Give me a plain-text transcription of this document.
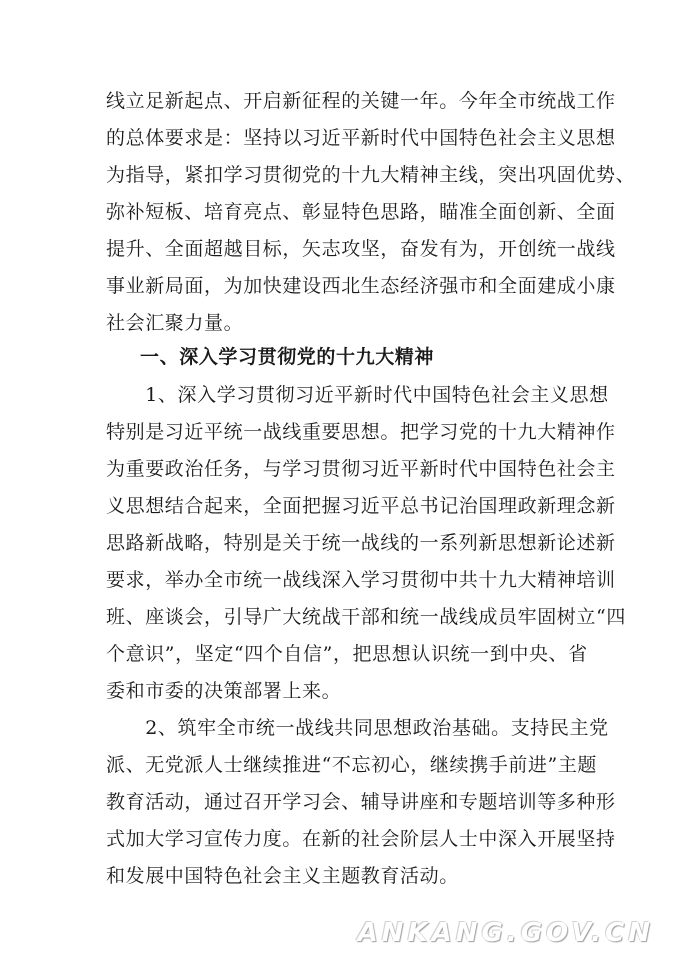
线立足新起点、开启新征程的关键一年。今年全市统战工作
的总体要求是：坚持以习近平新时代中国特色社会主义思想
为指导，紧扣学习贯彻党的十九大精神主线，突出巩固优势、
弥补短板、培育亮点、彰显特色思路，瞄准全面创新、全面
提升、全面超越目标，矢志攻坚，奋发有为，开创统一战线
事业新局面，为加快建设西北生态经济强市和全面建成小康
社会汇聚力量。
一、深入学习贯彻党的十九大精神
　　1、深入学习贯彻习近平新时代中国特色社会主义思想
特别是习近平统一战线重要思想。把学习党的十九大精神作
为重要政治任务，与学习贯彻习近平新时代中国特色社会主
义思想结合起来，全面把握习近平总书记治国理政新理念新
思路新战略，特别是关于统一战线的一系列新思想新论述新
要求，举办全市统一战线深入学习贯彻中共十九大精神培训
班、座谈会，引导广大统战干部和统一战线成员牢固树立“四
个意识”，坚定“四个自信”，把思想认识统一到中央、省
委和市委的决策部署上来。
　　2、筑牢全市统一战线共同思想政治基础。支持民主党
派、无党派人士继续推进“不忘初心，继续携手前进”主题
教育活动，通过召开学习会、辅导讲座和专题培训等多种形
式加大学习宣传力度。在新的社会阶层人士中深入开展坚持
和发展中国特色社会主义主题教育活动。
ANKANG.GOV.CN
